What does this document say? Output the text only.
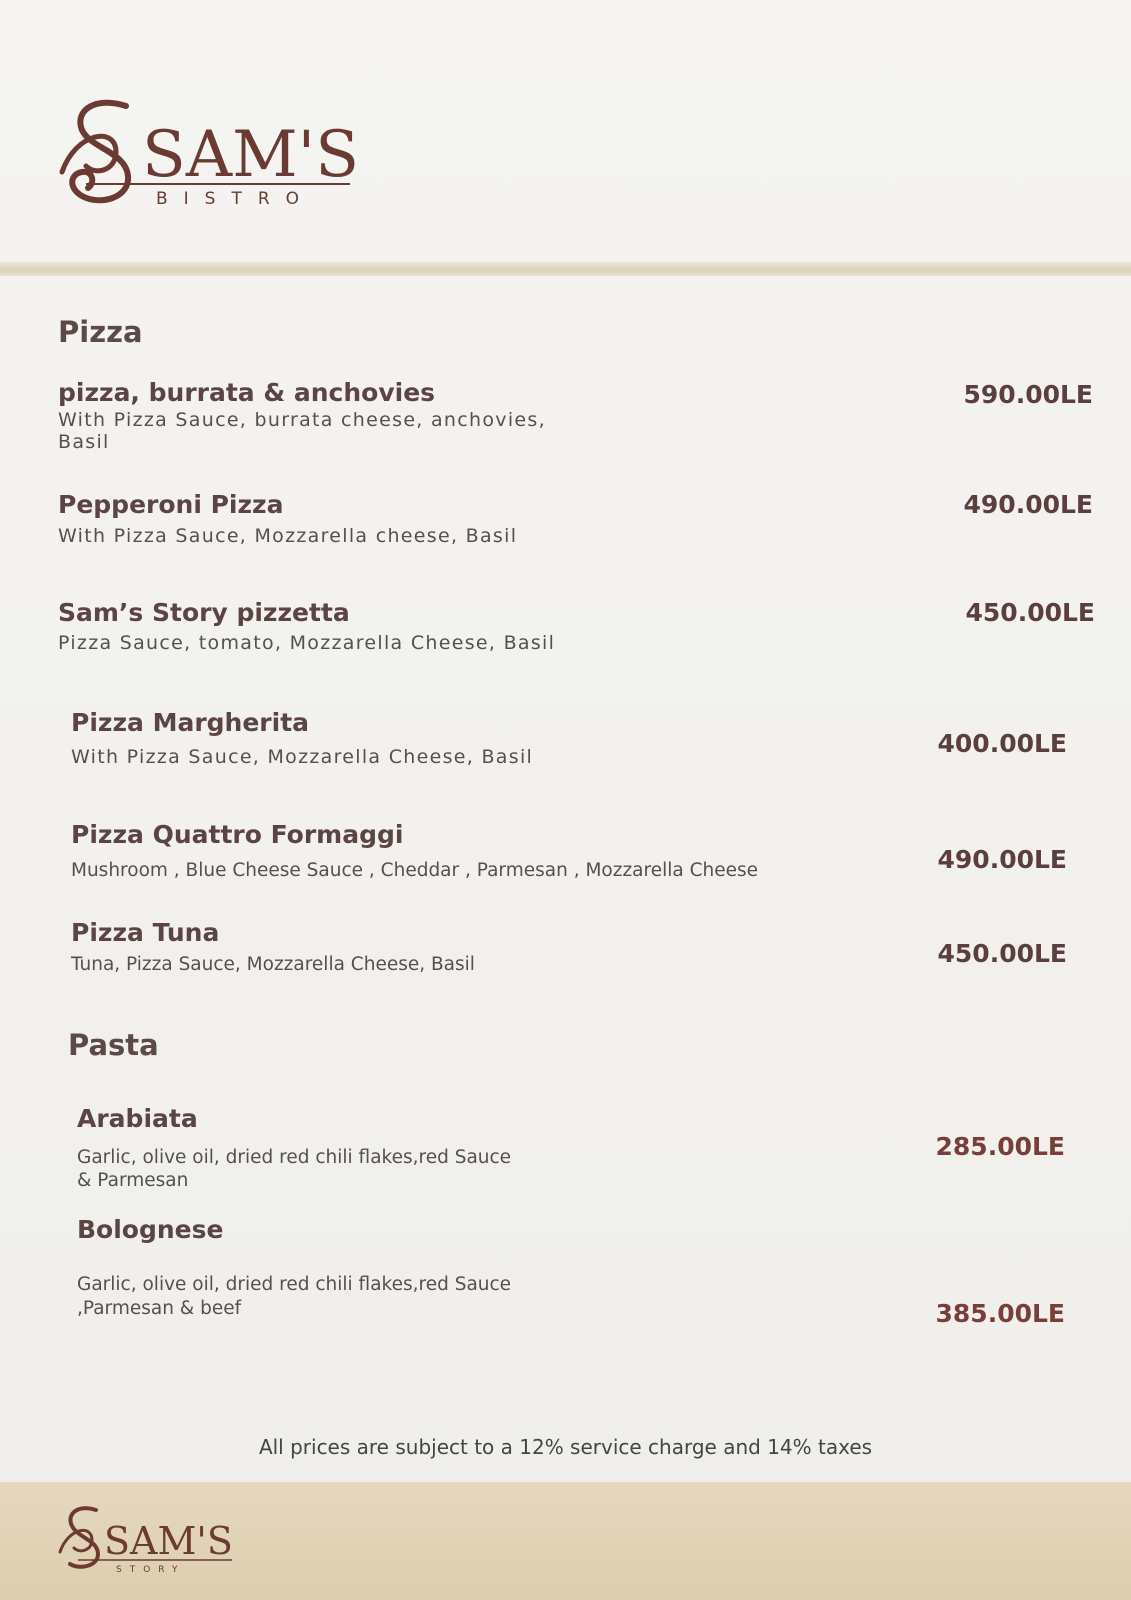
SAM'S
BISTRO
Pizza
pizza, burrata & anchovies
With Pizza Sauce, burrata cheese, anchovies,
Basil
590.00LE
Pepperoni Pizza
With Pizza Sauce, Mozzarella cheese, Basil
490.00LE
Sam’s Story pizzetta
Pizza Sauce, tomato, Mozzarella Cheese, Basil
450.00LE
Pizza Margherita
With Pizza Sauce, Mozzarella Cheese, Basil	400.00LE
Pizza Quattro Formaggi
Mushroom , Blue Cheese Sauce , Cheddar , Parmesan , Mozzarella Cheese	490.00LE
Pizza Tuna
Tuna, Pizza Sauce, Mozzarella Cheese, Basil	450.00LE
Pasta
Arabiata
Garlic, olive oil, dried red chili flakes,red Sauce
& Parmesan
285.00LE
Bolognese
Garlic, olive oil, dried red chili flakes,red Sauce
,Parmesan & beef	385.00LE
All prices are subject to a 12% service charge and 14% taxes
SAM'S
STORY
